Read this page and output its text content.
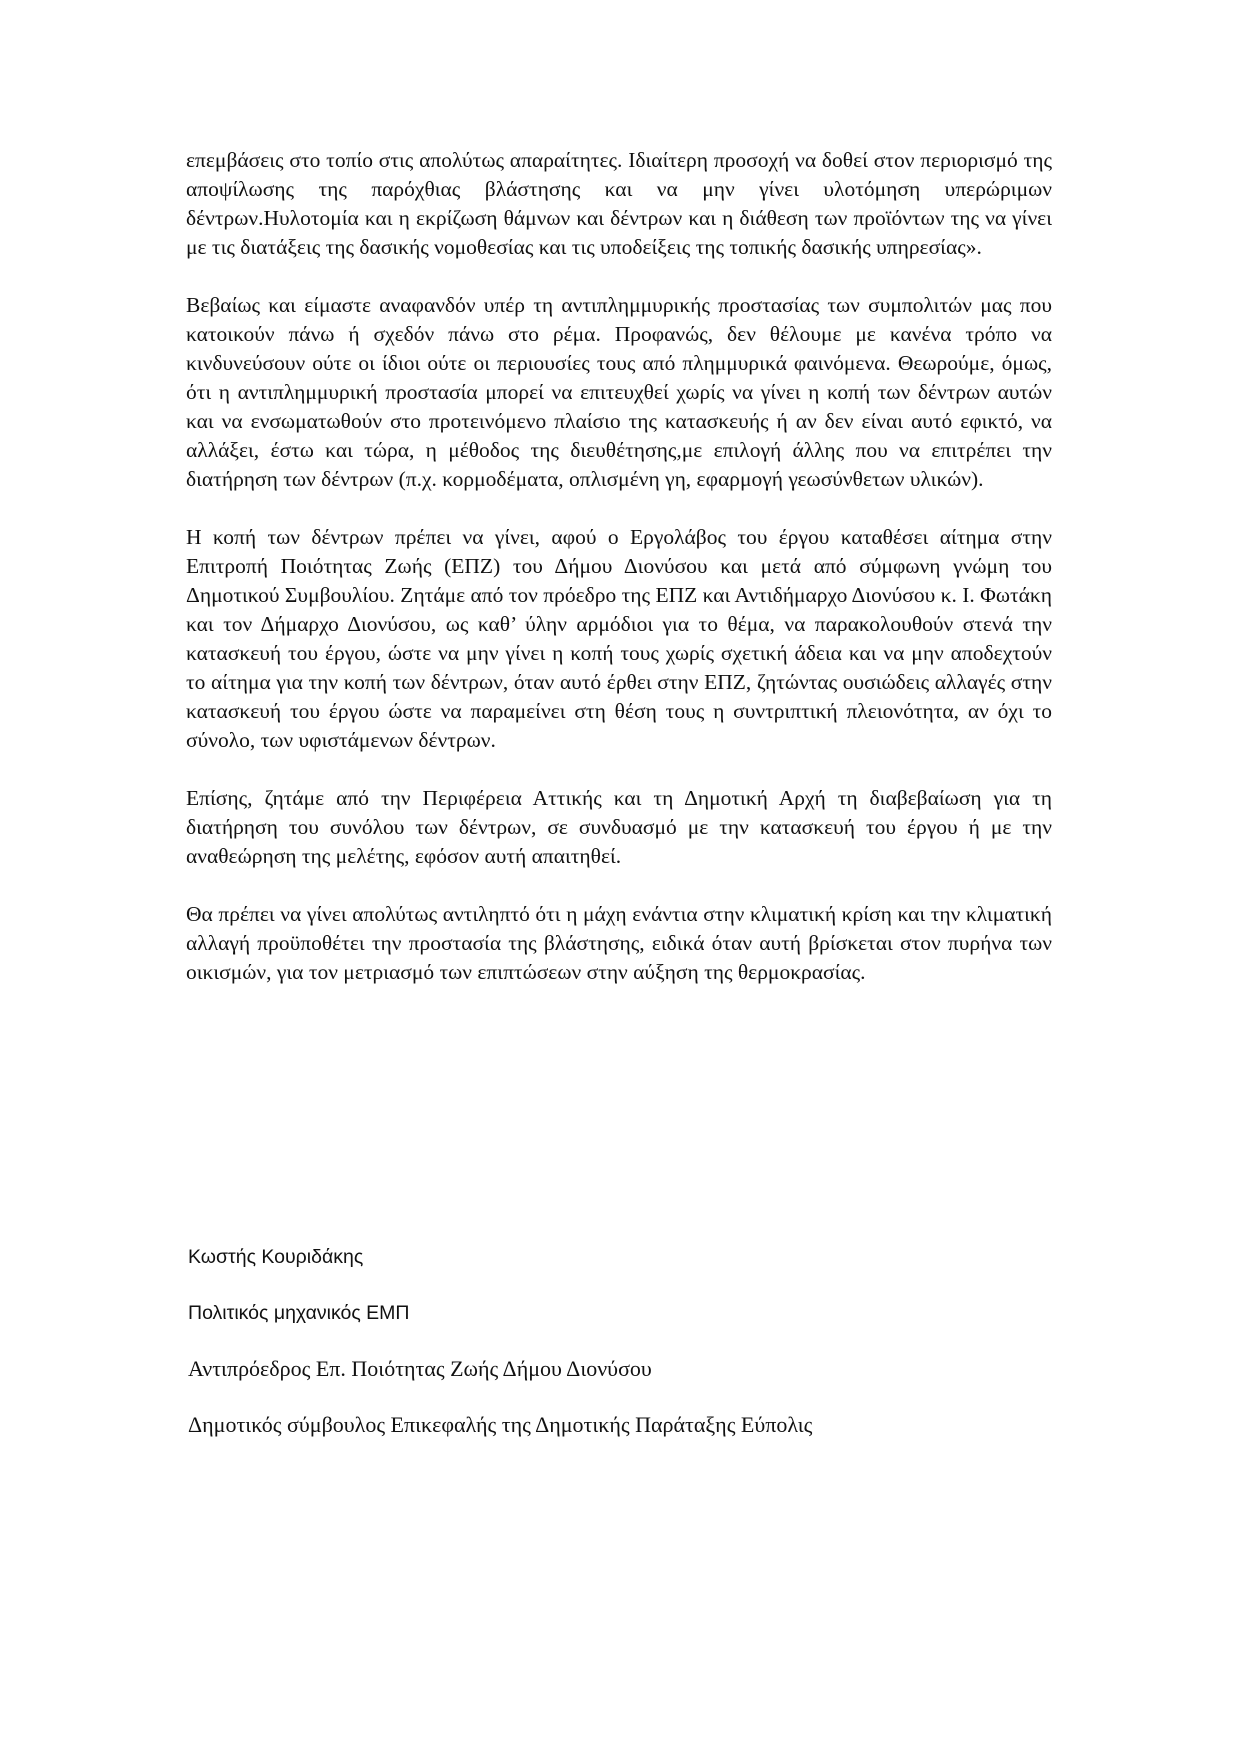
επεμβάσεις στο τοπίο στις απολύτως απαραίτητες. Ιδιαίτερη προσοχή να δοθεί στον περιορισμό της αποψίλωσης της παρόχθιας βλάστησης και να μην γίνει υλοτόμηση υπερώριμων δέντρων.Ηυλοτομία και η εκρίζωση θάμνων και δέντρων και η διάθεση των προϊόντων της να γίνει με τις διατάξεις της δασικής νομοθεσίας και τις υποδείξεις της τοπικής δασικής υπηρεσίας».

Βεβαίως και είμαστε αναφανδόν υπέρ τη αντιπλημμυρικής προστασίας των συμπολιτών μας που κατοικούν πάνω ή σχεδόν πάνω στο ρέμα. Προφανώς, δεν θέλουμε με κανένα τρόπο να κινδυνεύσουν ούτε οι ίδιοι ούτε οι περιουσίες τους από πλημμυρικά φαινόμενα. Θεωρούμε, όμως, ότι η αντιπλημμυρική προστασία μπορεί να επιτευχθεί χωρίς να γίνει η κοπή των δέντρων αυτών και να ενσωματωθούν στο προτεινόμενο πλαίσιο της κατασκευής ή αν δεν είναι αυτό εφικτό, να αλλάξει, έστω και τώρα, η μέθοδος της διευθέτησης,με επιλογή άλλης που να επιτρέπει την διατήρηση των δέντρων (π.χ. κορμοδέματα, οπλισμένη γη, εφαρμογή γεωσύνθετων υλικών).

Η κοπή των δέντρων πρέπει να γίνει, αφού ο Εργολάβος του έργου καταθέσει αίτημα στην Επιτροπή Ποιότητας Ζωής (ΕΠΖ) του Δήμου Διονύσου και μετά από σύμφωνη γνώμη του Δημοτικού Συμβουλίου. Ζητάμε από τον πρόεδρο της ΕΠΖ και Αντιδήμαρχο Διονύσου κ. Ι. Φωτάκη και τον Δήμαρχο Διονύσου, ως καθ’ ύλην αρμόδιοι για το θέμα, να παρακολουθούν στενά την κατασκευή του έργου, ώστε να μην γίνει η κοπή τους χωρίς σχετική άδεια και να μην αποδεχτούν το αίτημα για την κοπή των δέντρων, όταν αυτό έρθει στην ΕΠΖ, ζητώντας ουσιώδεις αλλαγές στην κατασκευή του έργου ώστε να παραμείνει στη θέση τους η συντριπτική πλειονότητα, αν όχι το σύνολο, των υφιστάμενων δέντρων.

Επίσης, ζητάμε από την Περιφέρεια Αττικής και τη Δημοτική Αρχή τη διαβεβαίωση για τη διατήρηση του συνόλου των δέντρων, σε συνδυασμό με την κατασκευή του έργου ή με την αναθεώρηση της μελέτης, εφόσον αυτή απαιτηθεί.

Θα πρέπει να γίνει απολύτως αντιληπτό ότι η μάχη ενάντια στην κλιματική κρίση και την κλιματική αλλαγή προϋποθέτει την προστασία της βλάστησης, ειδικά όταν αυτή βρίσκεται στον πυρήνα των οικισμών, για τον μετριασμό των επιπτώσεων στην αύξηση της θερμοκρασίας.

Κωστής Κουριδάκης
Πολιτικός μηχανικός ΕΜΠ
Αντιπρόεδρος Επ. Ποιότητας Ζωής Δήμου Διονύσου
Δημοτικός σύμβουλος Επικεφαλής της Δημοτικής Παράταξης Εύπολις
